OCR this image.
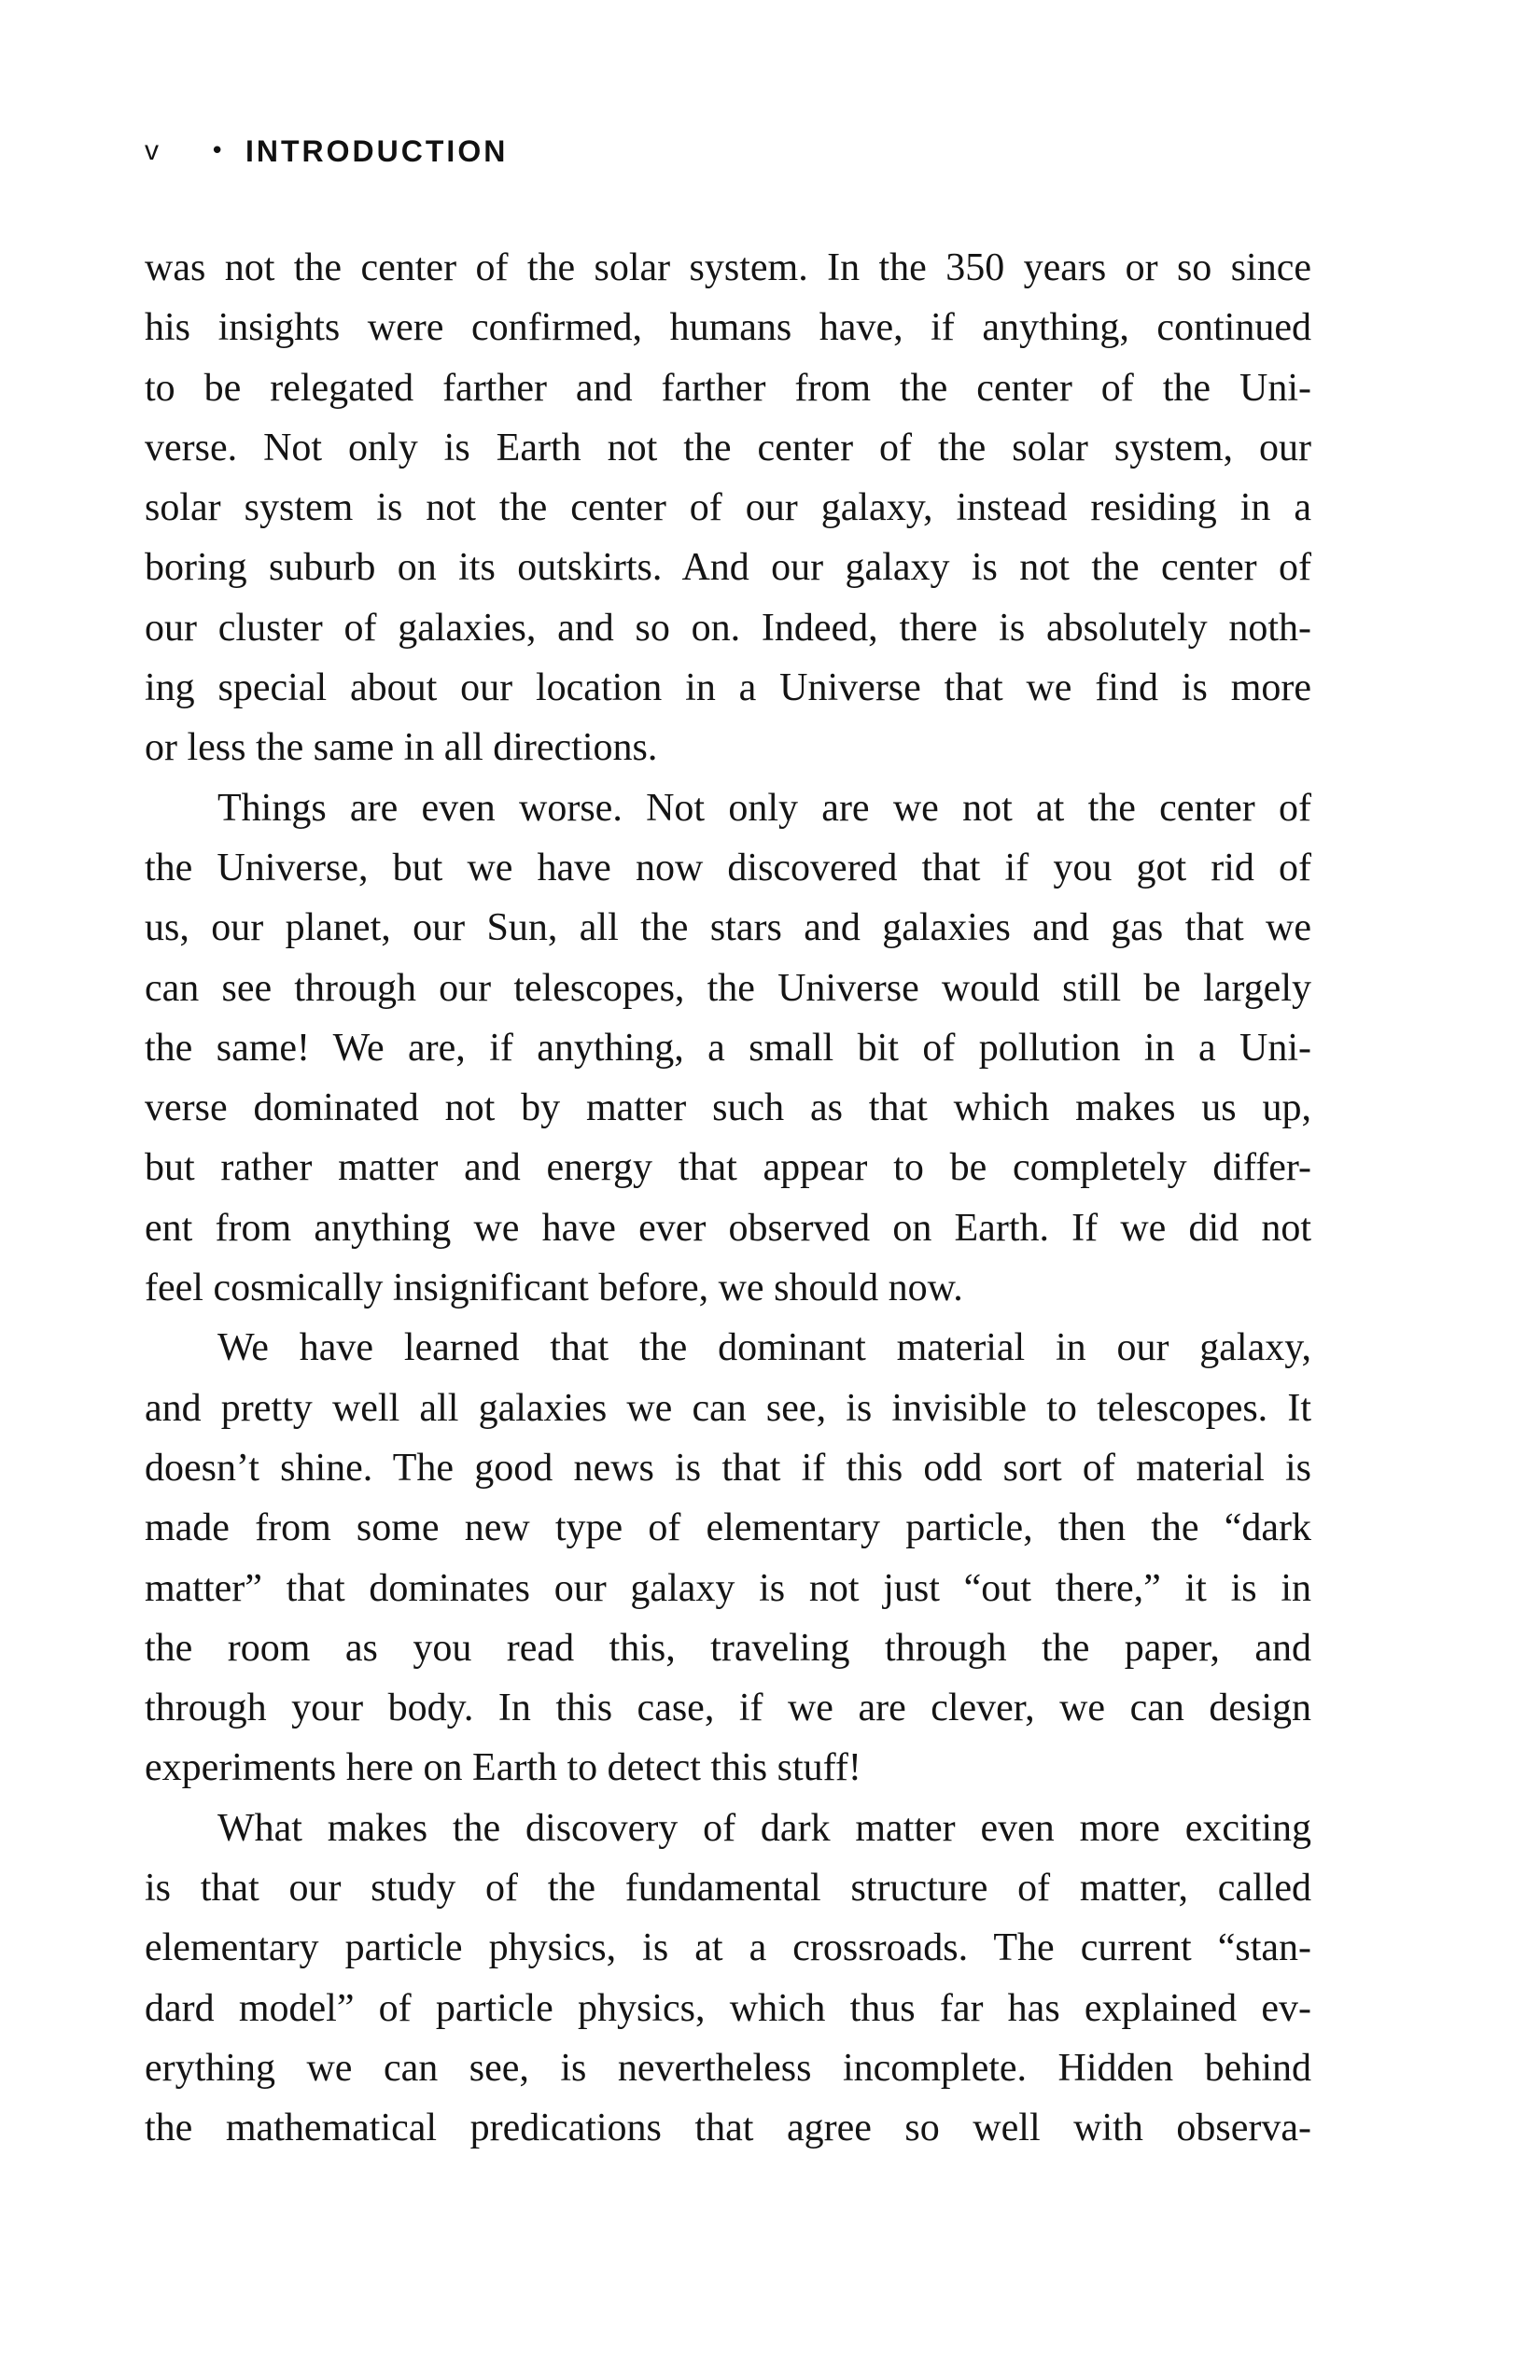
v	• INTRODUCTION
was not the center of the solar system. In the 350 years or so since
his insights were confirmed, humans have, if anything, continued
to be relegated farther and farther from the center of the Uni-
verse. Not only is Earth not the center of the solar system, our
solar system is not the center of our galaxy, instead residing in a
boring suburb on its outskirts. And our galaxy is not the center of
our cluster of galaxies, and so on. Indeed, there is absolutely noth-
ing special about our location in a Universe that we find is more
or less the same in all directions.
Things are even worse. Not only are we not at the center of
the Universe, but we have now discovered that if you got rid of
us, our planet, our Sun, all the stars and galaxies and gas that we
can see through our telescopes, the Universe would still be largely
the same! We are, if anything, a small bit of pollution in a Uni-
verse dominated not by matter such as that which makes us up,
but rather matter and energy that appear to be completely differ-
ent from anything we have ever observed on Earth. If we did not
feel cosmically insignificant before, we should now.
We have learned that the dominant material in our galaxy,
and pretty well all galaxies we can see, is invisible to telescopes. It
doesn’t shine. The good news is that if this odd sort of material is
made from some new type of elementary particle, then the “dark
matter” that dominates our galaxy is not just “out there,” it is in
the room as you read this, traveling through the paper, and
through your body. In this case, if we are clever, we can design
experiments here on Earth to detect this stuff!
What makes the discovery of dark matter even more exciting
is that our study of the fundamental structure of matter, called
elementary particle physics, is at a crossroads. The current “stan-
dard model” of particle physics, which thus far has explained ev-
erything we can see, is nevertheless incomplete. Hidden behind
the mathematical predications that agree so well with observa-
